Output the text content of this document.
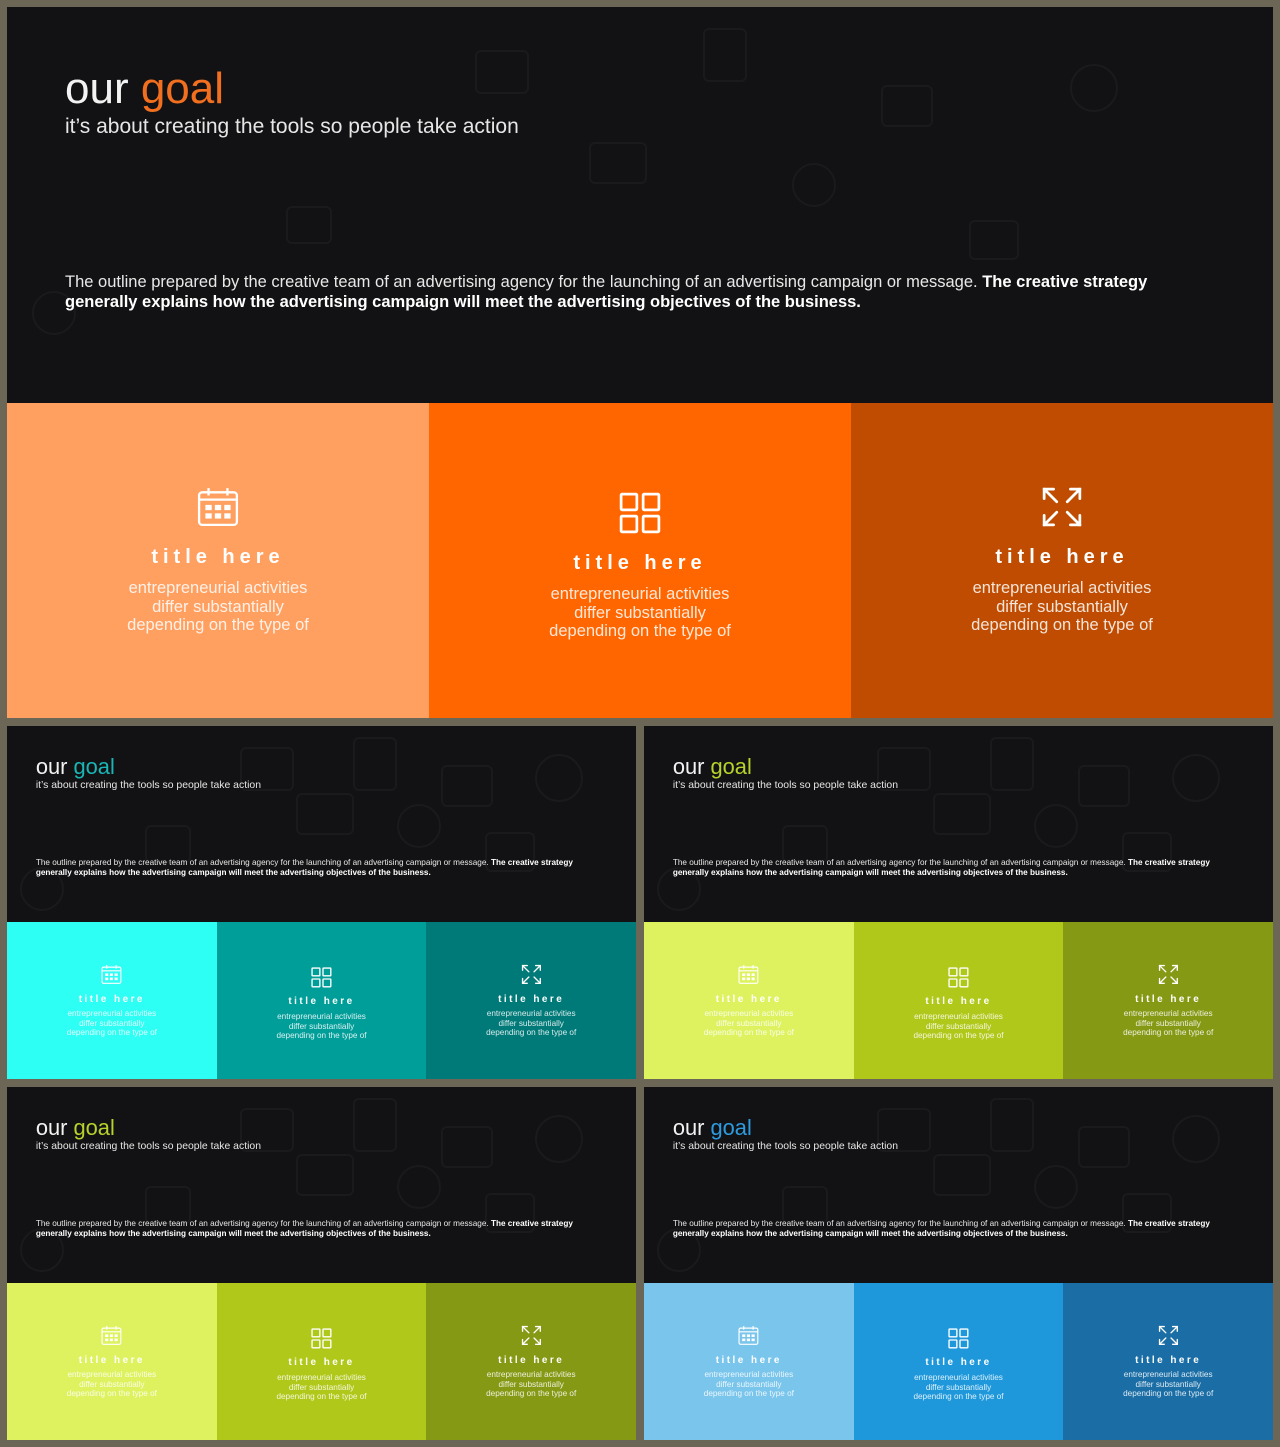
our goal
it’s about creating the tools so people take action
The outline prepared by the creative team of an advertising agency for the launching of an advertising campaign or message. The creative strategy generally explains how the advertising campaign will meet the advertising objectives of the business.
title here
entrepreneurial activities
differ substantially
depending on the type of
title here
entrepreneurial activities
differ substantially
depending on the type of
title here
entrepreneurial activities
differ substantially
depending on the type of
our goal
it’s about creating the tools so people take action
The outline prepared by the creative team of an advertising agency for the launching of an advertising campaign or message. The creative strategy generally explains how the advertising campaign will meet the advertising objectives of the business.
title here
entrepreneurial activities
differ substantially
depending on the type of
title here
entrepreneurial activities
differ substantially
depending on the type of
title here
entrepreneurial activities
differ substantially
depending on the type of
our goal
it’s about creating the tools so people take action
The outline prepared by the creative team of an advertising agency for the launching of an advertising campaign or message. The creative strategy generally explains how the advertising campaign will meet the advertising objectives of the business.
title here
entrepreneurial activities
differ substantially
depending on the type of
title here
entrepreneurial activities
differ substantially
depending on the type of
title here
entrepreneurial activities
differ substantially
depending on the type of
our goal
it’s about creating the tools so people take action
The outline prepared by the creative team of an advertising agency for the launching of an advertising campaign or message. The creative strategy generally explains how the advertising campaign will meet the advertising objectives of the business.
title here
entrepreneurial activities
differ substantially
depending on the type of
title here
entrepreneurial activities
differ substantially
depending on the type of
title here
entrepreneurial activities
differ substantially
depending on the type of
our goal
it’s about creating the tools so people take action
The outline prepared by the creative team of an advertising agency for the launching of an advertising campaign or message. The creative strategy generally explains how the advertising campaign will meet the advertising objectives of the business.
title here
entrepreneurial activities
differ substantially
depending on the type of
title here
entrepreneurial activities
differ substantially
depending on the type of
title here
entrepreneurial activities
differ substantially
depending on the type of
